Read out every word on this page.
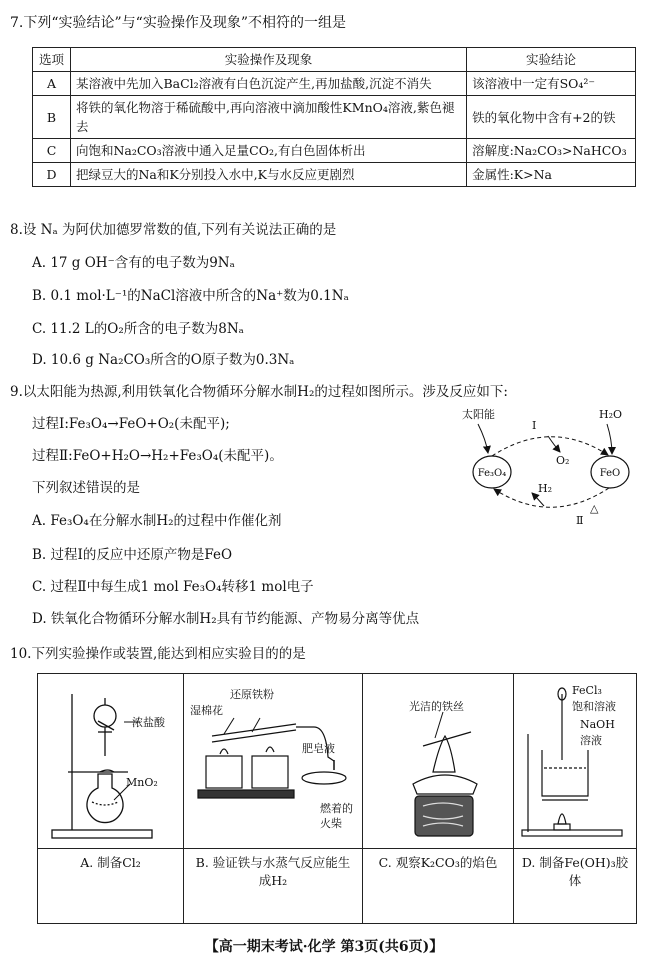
7.下列“实验结论”与“实验操作及现象”不相符的一组是
选项	实验操作及现象	实验结论
A	某溶液中先加入BaCl₂溶液有白色沉淀产生,再加盐酸,沉淀不消失	该溶液中一定有SO₄²⁻
B	将铁的氧化物溶于稀硫酸中,再向溶液中滴加酸性KMnO₄溶液,紫色褪去	铁的氧化物中含有+2的铁
C	向饱和Na₂CO₃溶液中通入足量CO₂,有白色固体析出	溶解度:Na₂CO₃>NaHCO₃
D	把绿豆大的Na和K分别投入水中,K与水反应更剧烈	金属性:K>Na
8.设 Nₐ 为阿伏加德罗常数的值,下列有关说法正确的是
A. 17 g OH⁻含有的电子数为9Nₐ
B. 0.1 mol·L⁻¹的NaCl溶液中所含的Na⁺数为0.1Nₐ
C. 11.2 L的O₂所含的电子数为8Nₐ
D. 10.6 g Na₂CO₃所含的O原子数为0.3Nₐ
9.以太阳能为热源,利用铁氧化合物循环分解水制H₂的过程如图所示。涉及反应如下:
过程Ⅰ:Fe₃O₄→FeO+O₂(未配平);
过程Ⅱ:FeO+H₂O→H₂+Fe₃O₄(未配平)。
下列叙述错误的是
A. Fe₃O₄在分解水制H₂的过程中作催化剂
B. 过程Ⅰ的反应中还原产物是FeO
C. 过程Ⅱ中每生成1 mol Fe₃O₄转移1 mol电子
D. 铁氧化合物循环分解水制H₂具有节约能源、产物易分离等优点
太阳能	H₂O
Fe₃O₄	FeO
Ⅰ
O₂
H₂
Ⅱ
△
10.下列实验操作或装置,能达到相应实验目的的是
浓盐酸
MnO₂
A. 制备Cl₂
湿棉花
还原铁粉
肥皂液
燃着的
火柴
B. 验证铁与水蒸气反应能生成H₂
光洁的铁丝
C. 观察K₂CO₃的焰色
FeCl₃
饱和溶液
NaOH
溶液
D. 制备Fe(OH)₃胶体
【高一期末考试·化学 第3页(共6页)】
